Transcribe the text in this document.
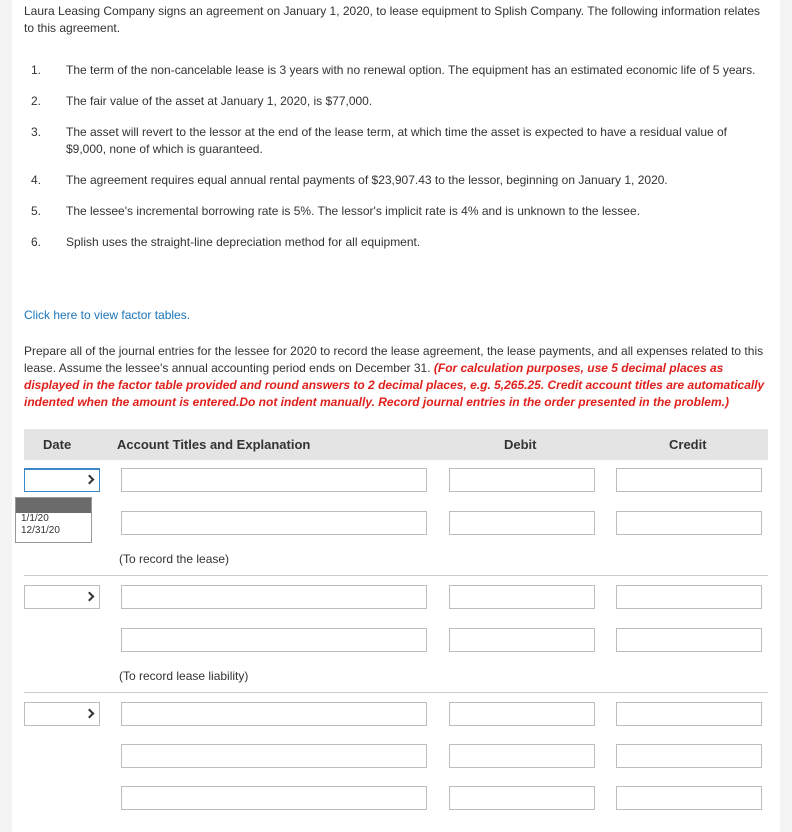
Laura Leasing Company signs an agreement on January 1, 2020, to lease equipment to Splish Company. The following information relates to this agreement.
1. The term of the non-cancelable lease is 3 years with no renewal option. The equipment has an estimated economic life of 5 years.
2. The fair value of the asset at January 1, 2020, is $77,000.
3. The asset will revert to the lessor at the end of the lease term, at which time the asset is expected to have a residual value of $9,000, none of which is guaranteed.
4. The agreement requires equal annual rental payments of $23,907.43 to the lessor, beginning on January 1, 2020.
5. The lessee's incremental borrowing rate is 5%. The lessor's implicit rate is 4% and is unknown to the lessee.
6. Splish uses the straight-line depreciation method for all equipment.
Click here to view factor tables.
Prepare all of the journal entries for the lessee for 2020 to record the lease agreement, the lease payments, and all expenses related to this lease. Assume the lessee's annual accounting period ends on December 31. (For calculation purposes, use 5 decimal places as displayed in the factor table provided and round answers to 2 decimal places, e.g. 5,265.25. Credit account titles are automatically indented when the amount is entered.Do not indent manually. Record journal entries in the order presented in the problem.)
Date	Account Titles and Explanation	Debit	Credit
1/1/20
12/31/20
(To record the lease)
(To record lease liability)
